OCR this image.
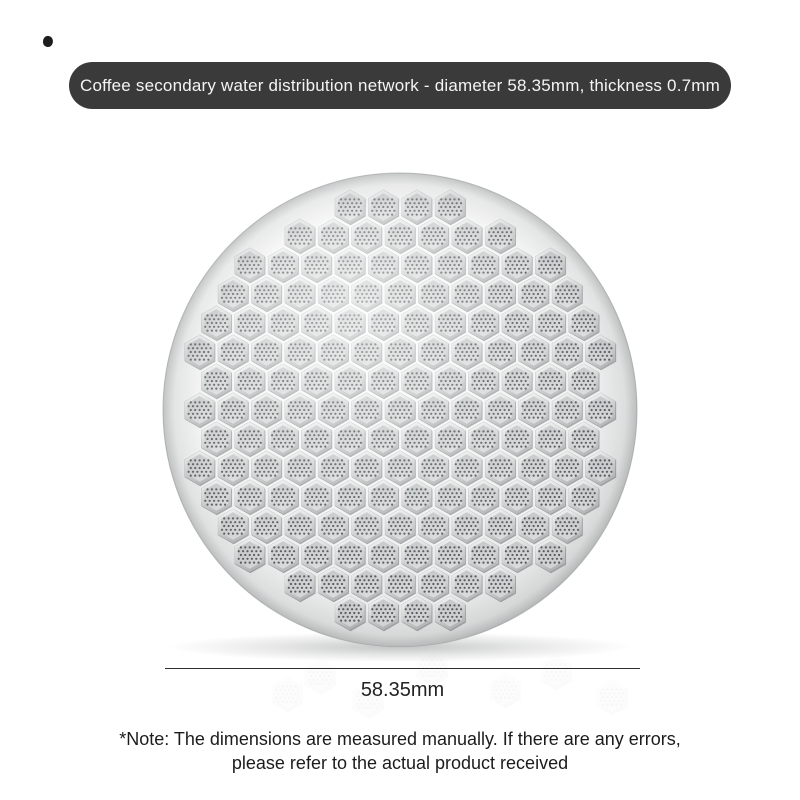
Coffee secondary water distribution network - diameter 58.35mm, thickness 0.7mm
58.35mm
*Note: The dimensions are measured manually. If there are any errors,
please refer to the actual product received
